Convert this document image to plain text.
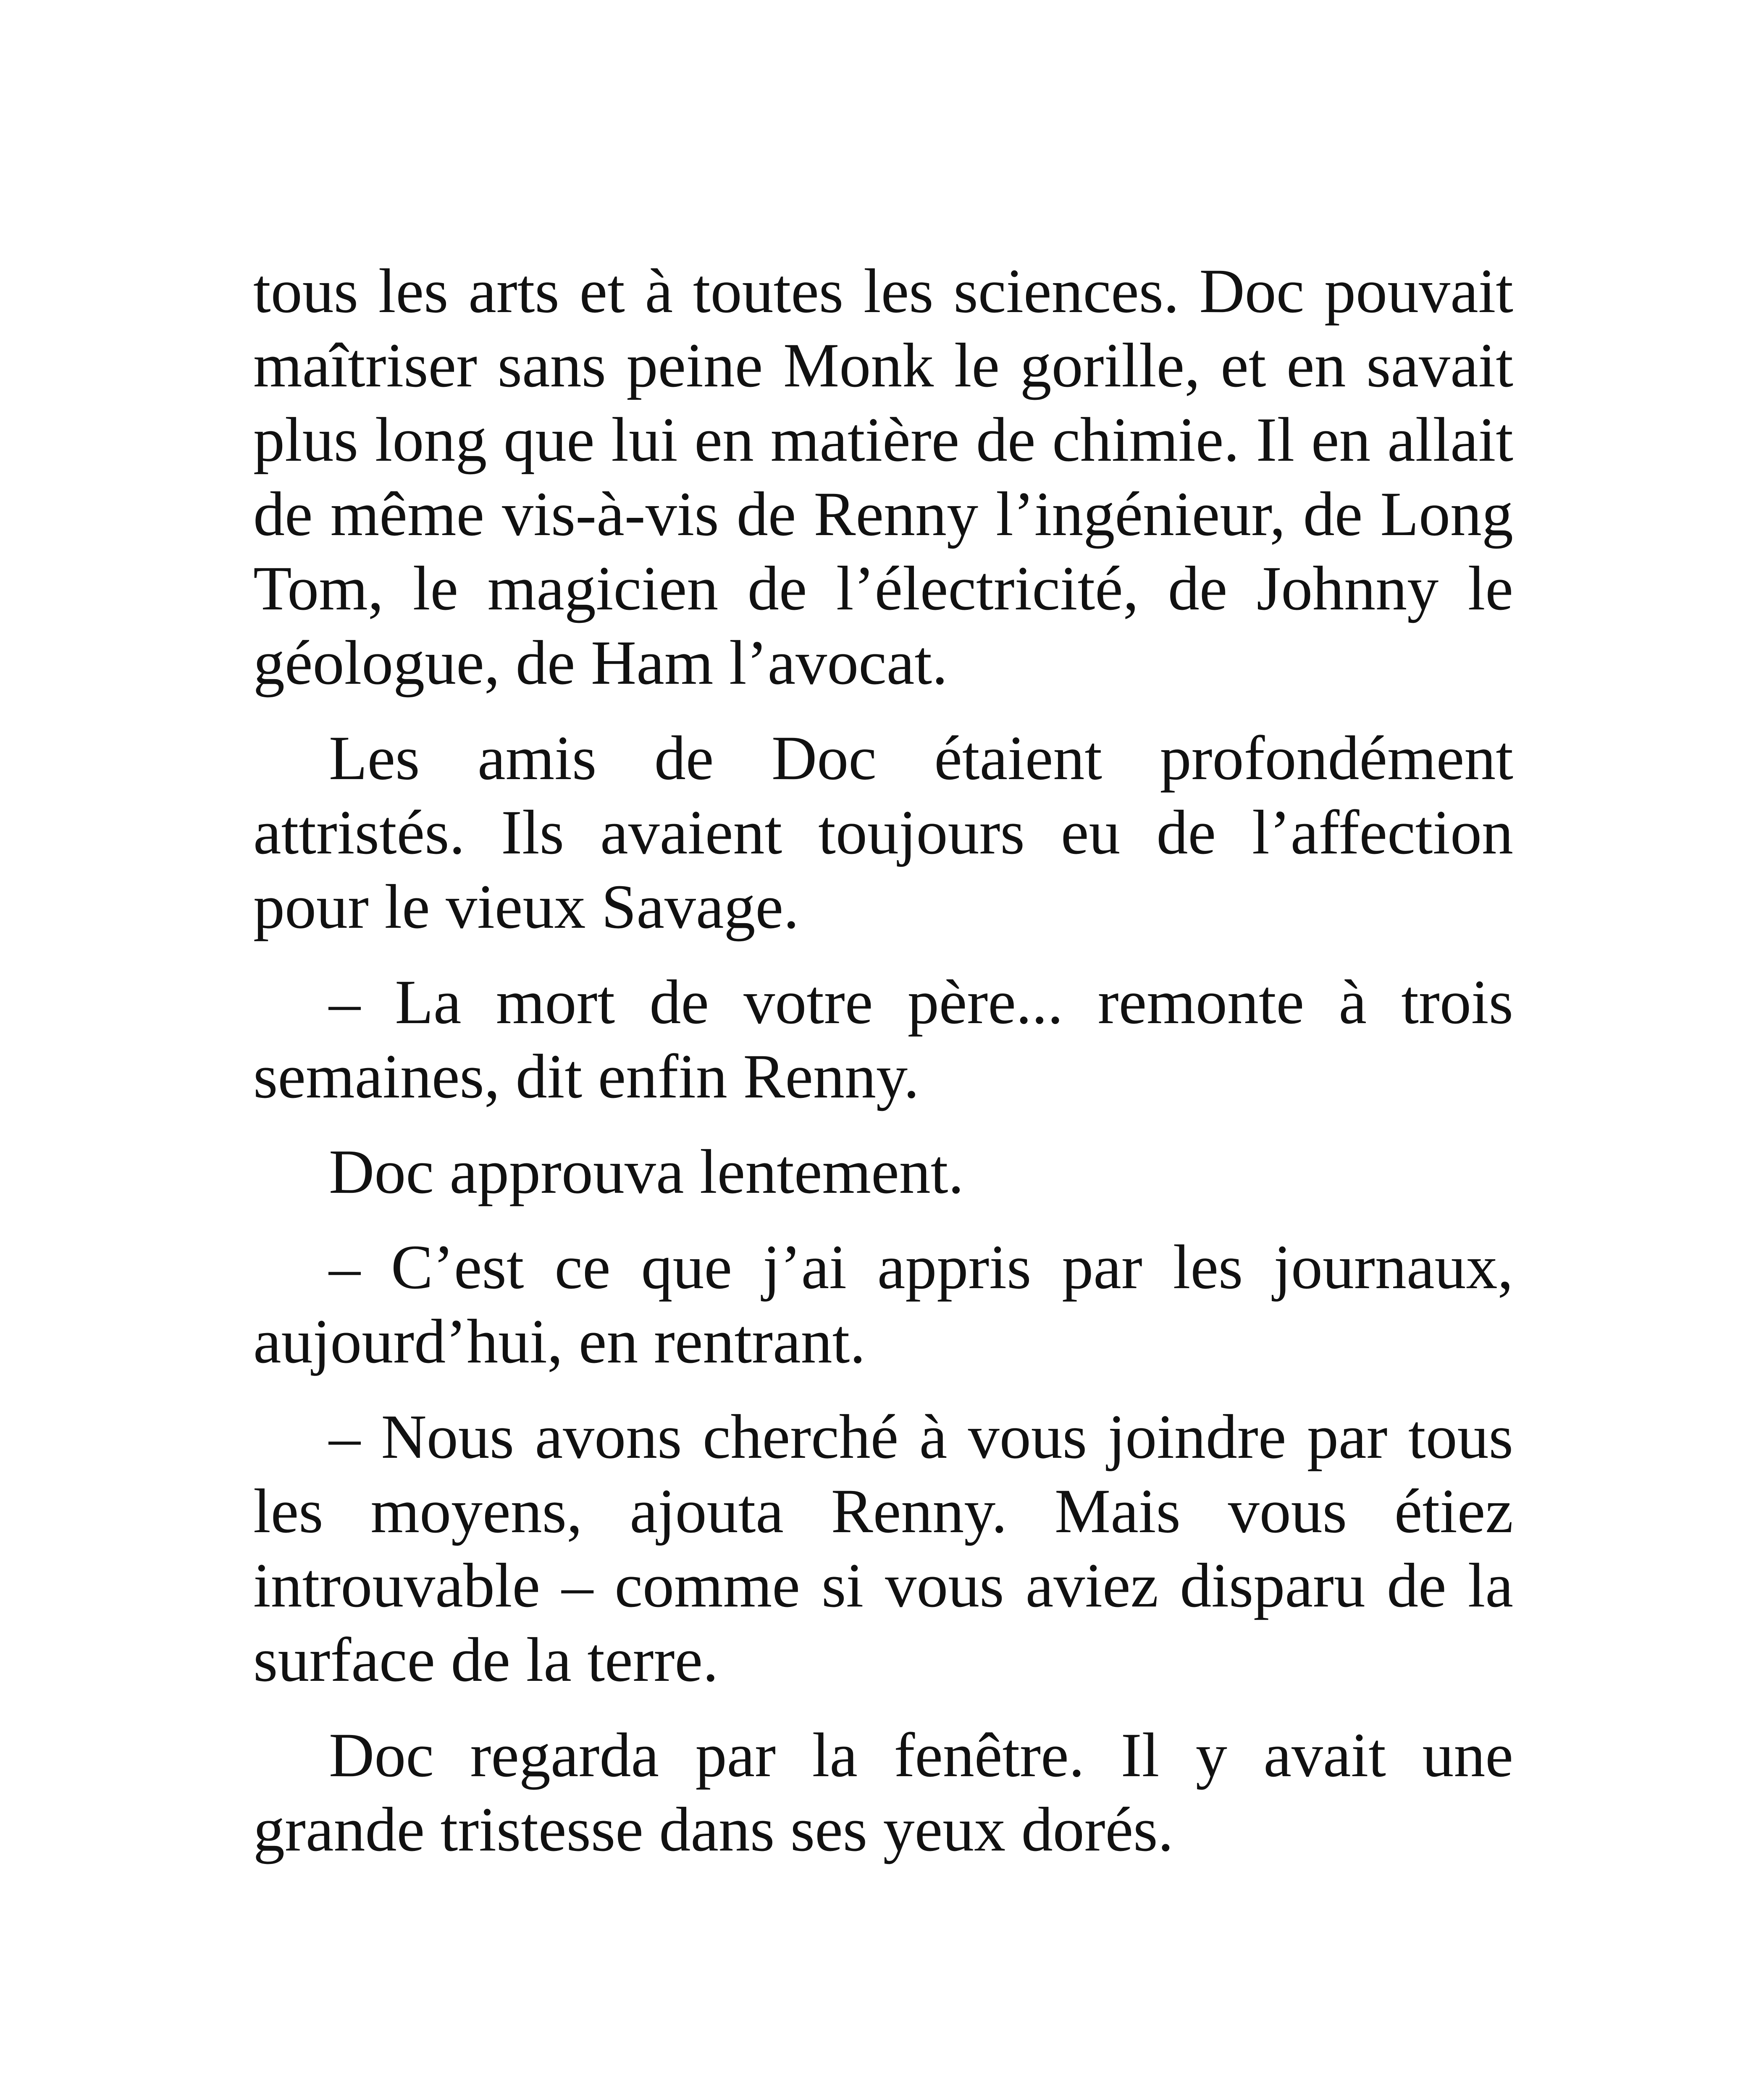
tous les arts et à toutes les sciences. Doc pouvait maîtriser sans peine Monk le gorille, et en savait plus long que lui en matière de chimie. Il en allait de même vis-à-vis de Renny l’ingénieur, de Long Tom, le magicien de l’électricité, de Johnny le géologue, de Ham l’avocat.

Les amis de Doc étaient profondément attristés. Ils avaient toujours eu de l’affection pour le vieux Savage.

– La mort de votre père... remonte à trois semaines, dit enfin Renny.

Doc approuva lentement.

– C’est ce que j’ai appris par les journaux, aujourd’hui, en rentrant.

– Nous avons cherché à vous joindre par tous les moyens, ajouta Renny. Mais vous étiez introuvable – comme si vous aviez disparu de la surface de la terre.

Doc regarda par la fenêtre. Il y avait une grande tristesse dans ses yeux dorés.
